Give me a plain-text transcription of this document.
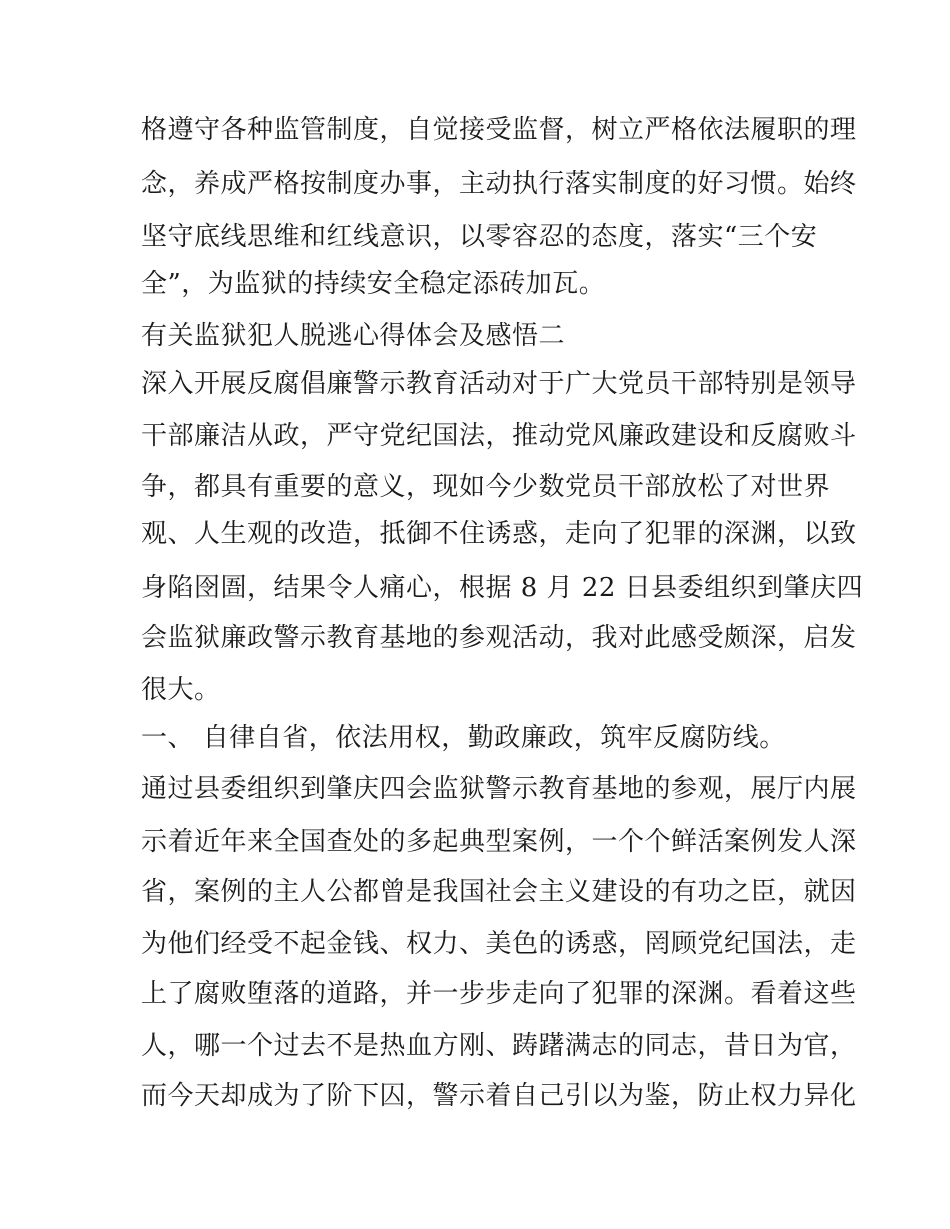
格遵守各种监管制度，自觉接受监督，树立严格依法履职的理
念，养成严格按制度办事，主动执行落实制度的好习惯。始终
坚守底线思维和红线意识，以零容忍的态度，落实“三个安
全”，为监狱的持续安全稳定添砖加瓦。
有关监狱犯人脱逃心得体会及感悟二
深入开展反腐倡廉警示教育活动对于广大党员干部特别是领导
干部廉洁从政，严守党纪国法，推动党风廉政建设和反腐败斗
争，都具有重要的意义，现如今少数党员干部放松了对世界
观、人生观的改造，抵御不住诱惑，走向了犯罪的深渊，以致
身陷囹圄，结果令人痛心，根据 8 月 22 日县委组织到肇庆四
会监狱廉政警示教育基地的参观活动，我对此感受颇深，启发
很大。
一、 自律自省，依法用权，勤政廉政，筑牢反腐防线。
通过县委组织到肇庆四会监狱警示教育基地的参观，展厅内展
示着近年来全国查处的多起典型案例，一个个鲜活案例发人深
省，案例的主人公都曾是我国社会主义建设的有功之臣，就因
为他们经受不起金钱、权力、美色的诱惑，罔顾党纪国法，走
上了腐败堕落的道路，并一步步走向了犯罪的深渊。看着这些
人，哪一个过去不是热血方刚、踌躇满志的同志，昔日为官，
而今天却成为了阶下囚，警示着自己引以为鉴，防止权力异化
